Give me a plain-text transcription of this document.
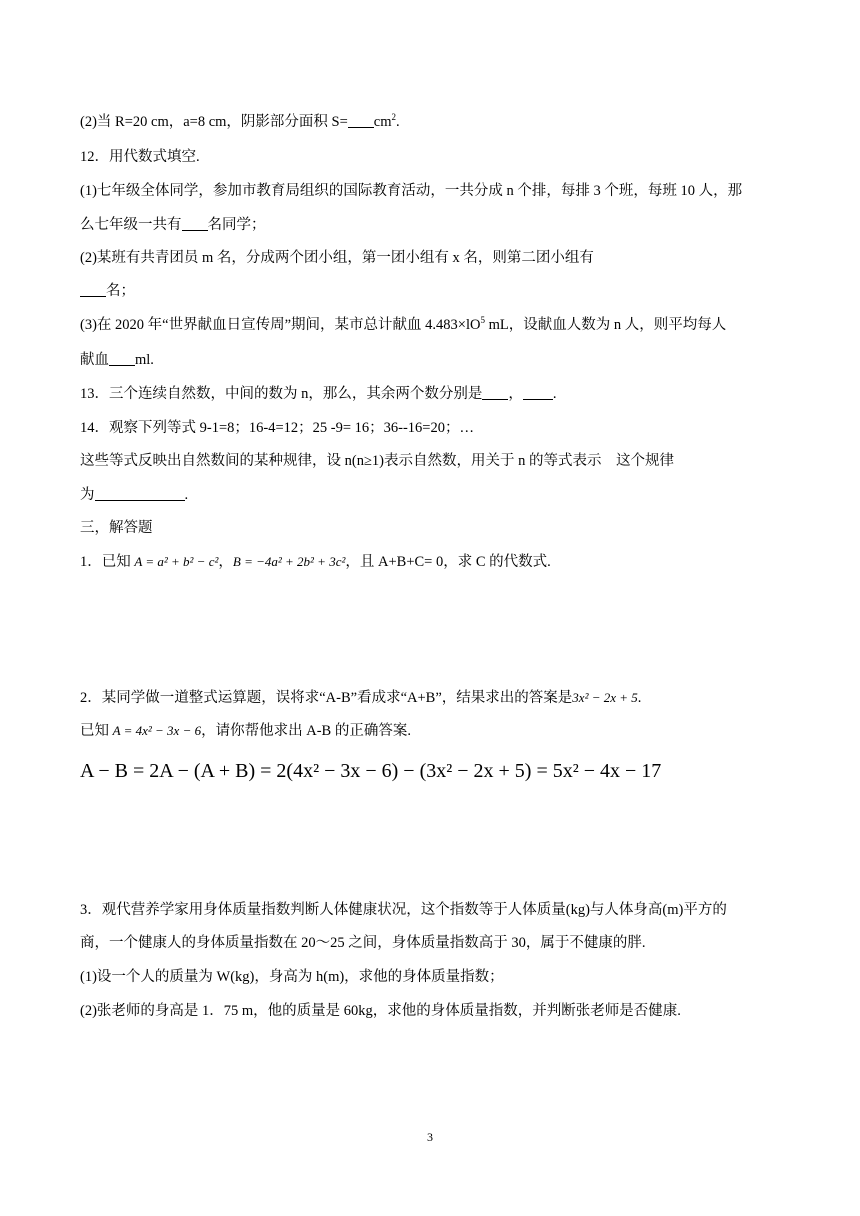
(2)当 R=20 cm，a=8 cm，阴影部分面积 $S= cm^2$.
12．用代数式填空.
(1)七年级全体同学，参加市教育局组织的国际教育活动，一共分成 n 个排，每排 3 个班，每班 10 人，那
么七年级一共有 名同学；
(2)某班有共青团员 m 名，分成两个团小组，第一团小组有 x 名，则第二团小组有
名；
(3)在 2020 年“世界献血日宣传周”期间，某市总计献血 $4.483\times lO^5$ mL，设献血人数为 n 人，则平均每人
献血 ml.
13．三个连续自然数，中间的数为 n，那么，其余两个数分别是 ， .
14．观察下列等式 9-1=8；16-4=12；25 -9= 16；36--16=20；…
这些等式反映出自然数间的某种规律，设 n(n≥1)表示自然数，用关于 n 的等式表示　这个规律
为	.
三，解答题
1．已知 A = a² + b² − c²，B = −4a² + 2b² + 3c²，且 A+B+C= 0，求 C 的代数式.
2．某同学做一道整式运算题，误将求“A-B”看成求“A+B”，结果求出的答案是3x² − 2x + 5.
已知 A = 4x² − 3x − 6，请你帮他求出 A-B 的正确答案.
A − B = 2A − (A + B) = 2(4x² − 3x − 6) − (3x² − 2x + 5) = 5x² − 4x − 17
3．观代营养学家用身体质量指数判断人体健康状况，这个指数等于人体质量(kg)与人体身高(m)平方的
商，一个健康人的身体质量指数在 20～25 之间，身体质量指数高于 30，属于不健康的胖.
(1)设一个人的质量为 W(kg)，身高为 h(m)，求他的身体质量指数；
(2)张老师的身高是 1．75 m，他的质量是 60kg，求他的身体质量指数，并判断张老师是否健康.
3
